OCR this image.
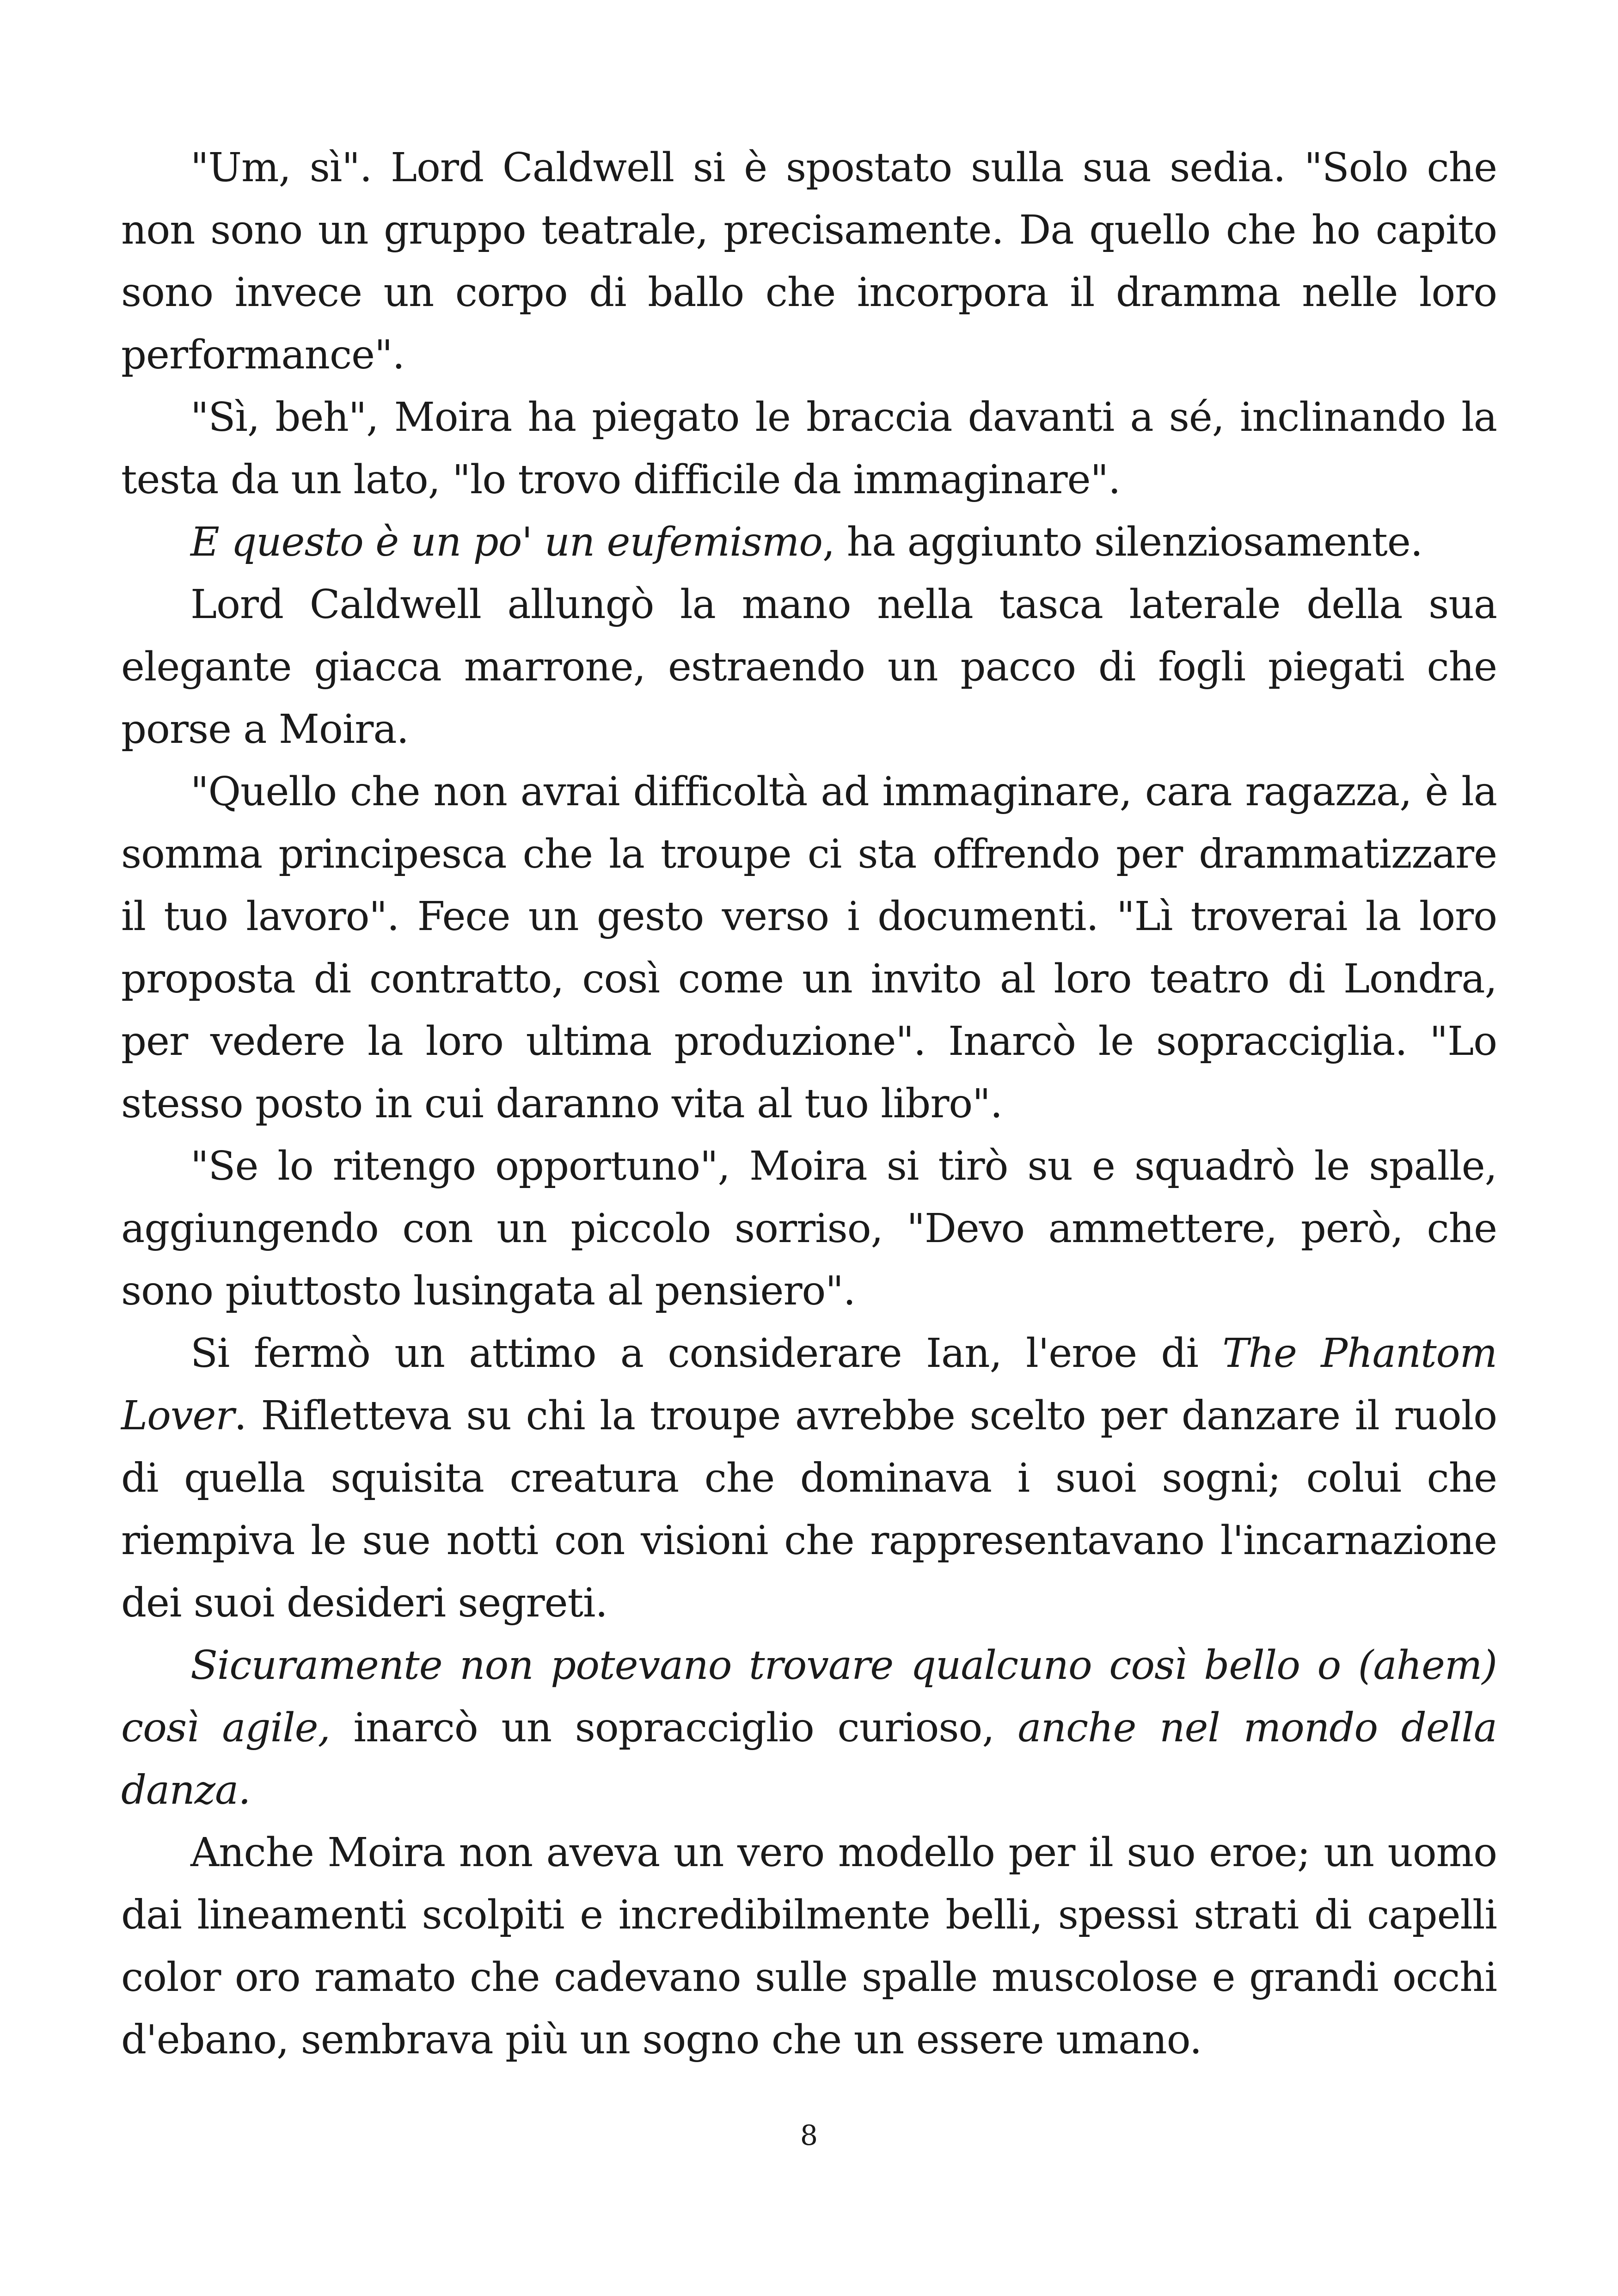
"Um, sì". Lord Caldwell si è spostato sulla sua sedia. "Solo che non sono un gruppo teatrale, precisamente. Da quello che ho capito sono invece un corpo di ballo che incorpora il dramma nelle loro performance".

"Sì, beh", Moira ha piegato le braccia davanti a sé, inclinando la testa da un lato, "lo trovo difficile da immaginare".

E questo è un po' un eufemismo, ha aggiunto silenziosamente.

Lord Caldwell allungò la mano nella tasca laterale della sua elegante giacca marrone, estraendo un pacco di fogli piegati che porse a Moira.

"Quello che non avrai difficoltà ad immaginare, cara ragazza, è la somma principesca che la troupe ci sta offrendo per drammatizzare il tuo lavoro". Fece un gesto verso i documenti. "Lì troverai la loro proposta di contratto, così come un invito al loro teatro di Londra, per vedere la loro ultima produzione". Inarcò le sopracciglia. "Lo stesso posto in cui daranno vita al tuo libro".

"Se lo ritengo opportuno", Moira si tirò su e squadrò le spalle, aggiungendo con un piccolo sorriso, "Devo ammettere, però, che sono piuttosto lusingata al pensiero".

Si fermò un attimo a considerare Ian, l'eroe di The Phantom Lover. Rifletteva su chi la troupe avrebbe scelto per danzare il ruolo di quella squisita creatura che dominava i suoi sogni; colui che riempiva le sue notti con visioni che rappresentavano l'incarnazione dei suoi desideri segreti.

Sicuramente non potevano trovare qualcuno così bello o (ahem) così agile, inarcò un sopracciglio curioso, anche nel mondo della danza.

Anche Moira non aveva un vero modello per il suo eroe; un uomo dai lineamenti scolpiti e incredibilmente belli, spessi strati di capelli color oro ramato che cadevano sulle spalle muscolose e grandi occhi d'ebano, sembrava più un sogno che un essere umano.

8
